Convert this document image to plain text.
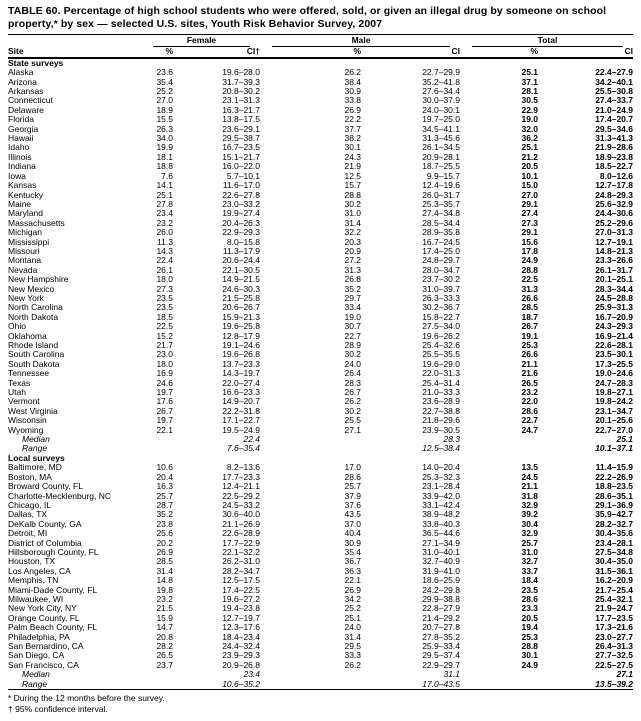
TABLE 60. Percentage of high school students who were offered, sold, or given an illegal drug by someone on school property,* by sex — selected U.S. sites, Youth Risk Behavior Survey, 2007

	Female		Male		Total	

Site	%	CI†	%	CI	%	CI
State surveys						
Alaska	23.6	19.6–28.0	26.2	22.7–29.9	25.1	22.4–27.9
Arizona	35.4	31.7–39.3	38.4	35.2–41.8	37.1	34.2–40.1
Arkansas	25.2	20.8–30.2	30.9	27.6–34.4	28.1	25.5–30.8
Connecticut	27.0	23.1–31.3	33.8	30.0–37.9	30.5	27.4–33.7
Delaware	18.9	16.3–21.7	26.9	24.0–30.1	22.9	21.0–24.9
Florida	15.5	13.8–17.5	22.2	19.7–25.0	19.0	17.4–20.7
Georgia	26.3	23.6–29.1	37.7	34.5–41.1	32.0	29.5–34.6
Hawaii	34.0	29.5–38.7	38.2	31.3–45.6	36.2	31.3–41.3
Idaho	19.9	16.7–23.5	30.1	26.1–34.5	25.1	21.9–28.6
Illinois	18.1	15.1–21.7	24.3	20.9–28.1	21.2	18.9–23.8
Indiana	18.8	16.0–22.0	21.9	18.7–25.5	20.5	18.5–22.7
Iowa	7.6	5.7–10.1	12.5	9.9–15.7	10.1	8.0–12.6
Kansas	14.1	11.6–17.0	15.7	12.4–19.6	15.0	12.7–17.8
Kentucky	25.1	22.6–27.8	28.8	26.0–31.7	27.0	24.8–29.3
Maine	27.8	23.0–33.2	30.2	25.3–35.7	29.1	25.6–32.9
Maryland	23.4	19.9–27.4	31.0	27.4–34.8	27.4	24.4–30.6
Massachusetts	23.2	20.4–26.3	31.4	28.5–34.4	27.3	25.2–29.6
Michigan	26.0	22.9–29.3	32.2	28.9–35.8	29.1	27.0–31.3
Mississippi	11.3	8.0–15.8	20.3	16.7–24.5	15.6	12.7–19.1
Missouri	14.3	11.3–17.9	20.9	17.4–25.0	17.8	14.8–21.3
Montana	22.4	20.6–24.4	27.2	24.8–29.7	24.9	23.3–26.6
Nevada	26.1	22.1–30.5	31.3	28.0–34.7	28.8	26.1–31.7
New Hampshire	18.0	14.9–21.5	26.8	23.7–30.2	22.5	20.1–25.1
New Mexico	27.3	24.6–30.3	35.2	31.0–39.7	31.3	28.3–34.4
New York	23.5	21.5–25.8	29.7	26.3–33.3	26.6	24.5–28.8
North Carolina	23.5	20.6–26.7	33.4	30.2–36.7	28.5	25.9–31.3
North Dakota	18.5	15.9–21.3	19.0	15.8–22.7	18.7	16.7–20.9
Ohio	22.5	19.6–25.8	30.7	27.5–34.0	26.7	24.3–29.3
Oklahoma	15.2	12.8–17.9	22.7	19.6–26.2	19.1	16.9–21.4
Rhode Island	21.7	19.1–24.6	28.9	25.4–32.6	25.3	22.6–28.1
South Carolina	23.0	19.6–26.8	30.2	25.5–35.5	26.6	23.5–30.1
South Dakota	18.0	13.7–23.3	24.0	19.6–29.0	21.1	17.3–25.5
Tennessee	16.9	14.3–19.7	26.4	22.0–31.3	21.6	19.0–24.6
Texas	24.6	22.0–27.4	28.3	25.4–31.4	26.5	24.7–28.3
Utah	19.7	16.6–23.3	26.7	21.0–33.3	23.2	19.8–27.1
Vermont	17.6	14.9–20.7	26.2	23.6–28.9	22.0	19.8–24.2
West Virginia	26.7	22.2–31.8	30.2	22.7–38.8	28.6	23.1–34.7
Wisconsin	19.7	17.1–22.7	25.5	21.8–29.6	22.7	20.1–25.6
Wyoming	22.1	19.5–24.9	27.1	23.9–30.5	24.7	22.7–27.0
Median	22.4		28.3		25.1	
Range	7.6–35.4		12.5–38.4		10.1–37.1	
Local surveys						
Baltimore, MD	10.6	8.2–13.6	17.0	14.0–20.4	13.5	11.4–15.9
Boston, MA	20.4	17.7–23.3	28.6	25.3–32.3	24.5	22.2–26.9
Broward County, FL	16.3	12.4–21.1	25.7	23.1–28.4	21.1	18.8–23.5
Charlotte-Mecklenburg, NC	25.7	22.5–29.2	37.9	33.9–42.0	31.8	28.6–35.1
Chicago, IL	28.7	24.5–33.2	37.6	33.1–42.4	32.9	29.1–36.9
Dallas, TX	35.2	30.6–40.0	43.5	38.9–48.2	39.2	35.9–42.7
DeKalb County, GA	23.8	21.1–26.9	37.0	33.8–40.3	30.4	28.2–32.7
Detroit, MI	25.6	22.6–28.9	40.4	36.5–44.6	32.9	30.4–35.6
District of Columbia	20.2	17.7–22.9	30.9	27.1–34.9	25.7	23.4–28.1
Hillsborough County, FL	26.9	22.1–32.2	35.4	31.0–40.1	31.0	27.5–34.8
Houston, TX	28.5	26.2–31.0	36.7	32.7–40.9	32.7	30.4–35.0
Los Angeles, CA	31.4	28.2–34.7	36.3	31.9–41.0	33.7	31.5–36.1
Memphis, TN	14.8	12.5–17.5	22.1	18.6–25.9	18.4	16.2–20.9
Miami-Dade County, FL	19.8	17.4–22.5	26.9	24.2–29.8	23.5	21.7–25.4
Milwaukee, WI	23.2	19.6–27.2	34.2	29.9–38.8	28.6	25.4–32.1
New York City, NY	21.5	19.4–23.8	25.2	22.8–27.9	23.3	21.9–24.7
Orange County, FL	15.9	12.7–19.7	25.1	21.4–29.2	20.5	17.7–23.5
Palm Beach County, FL	14.7	12.3–17.6	24.0	20.7–27.8	19.4	17.3–21.6
Philadelphia, PA	20.8	18.4–23.4	31.4	27.8–35.2	25.3	23.0–27.7
San Bernardino, CA	28.2	24.4–32.4	29.5	25.9–33.4	28.8	26.4–31.3
San Diego, CA	26.5	23.9–29.3	33.3	29.5–37.4	30.1	27.7–32.5
San Francisco, CA	23.7	20.9–26.8	26.2	22.9–29.7	24.9	22.5–27.5
Median	23.4		31.1		27.1	
Range	10.6–35.2		17.0–43.5		13.5–39.2	
* During the 12 months before the survey.
† 95% confidence interval.
